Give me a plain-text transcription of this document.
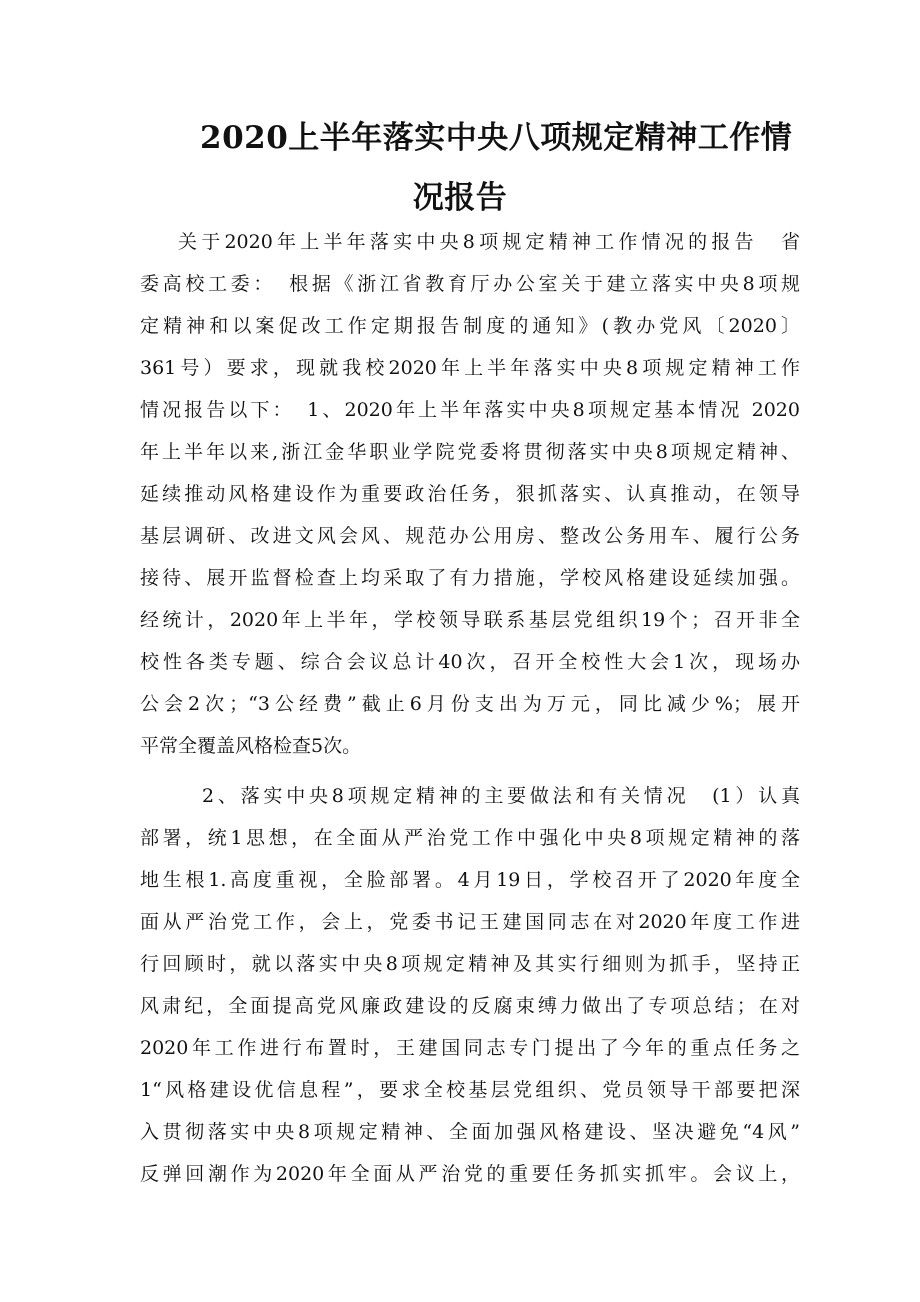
2020上半年落实中央八项规定精神工作情
况报告
关于2020年上半年落实中央8项规定精神工作情况的报告　省
委高校工委：　根据《浙江省教育厅办公室关于建立落实中央8项规
定精神和以案促改工作定期报告制度的通知》(教办党风〔2020〕
361号）要求，现就我校2020年上半年落实中央8项规定精神工作
情况报告以下：　1、2020年上半年落实中央8项规定基本情况 2020
年上半年以来,浙江金华职业学院党委将贯彻落实中央8项规定精神、
延续推动风格建设作为重要政治任务，狠抓落实、认真推动，在领导
基层调研、改进文风会风、规范办公用房、整改公务用车、履行公务
接待、展开监督检查上均采取了有力措施，学校风格建设延续加强。
经统计，2020年上半年，学校领导联系基层党组织19个；召开非全
校性各类专题、综合会议总计40次，召开全校性大会1次，现场办
公会2次；“3公经费”截止6月份支出为万元，同比减少%；展开
平常全覆盖风格检查5次。
2、落实中央8项规定精神的主要做法和有关情况　(1）认真
部署，统1思想，在全面从严治党工作中强化中央8项规定精神的落
地生根1.高度重视，全脸部署。4月19日，学校召开了2020年度全
面从严治党工作，会上，党委书记王建国同志在对2020年度工作进
行回顾时，就以落实中央8项规定精神及其实行细则为抓手，坚持正
风肃纪，全面提高党风廉政建设的反腐束缚力做出了专项总结；在对
2020年工作进行布置时，王建国同志专门提出了今年的重点任务之
1“风格建设优信息程”，要求全校基层党组织、党员领导干部要把深
入贯彻落实中央8项规定精神、全面加强风格建设、坚决避免“4风”
反弹回潮作为2020年全面从严治党的重要任务抓实抓牢。会议上，
